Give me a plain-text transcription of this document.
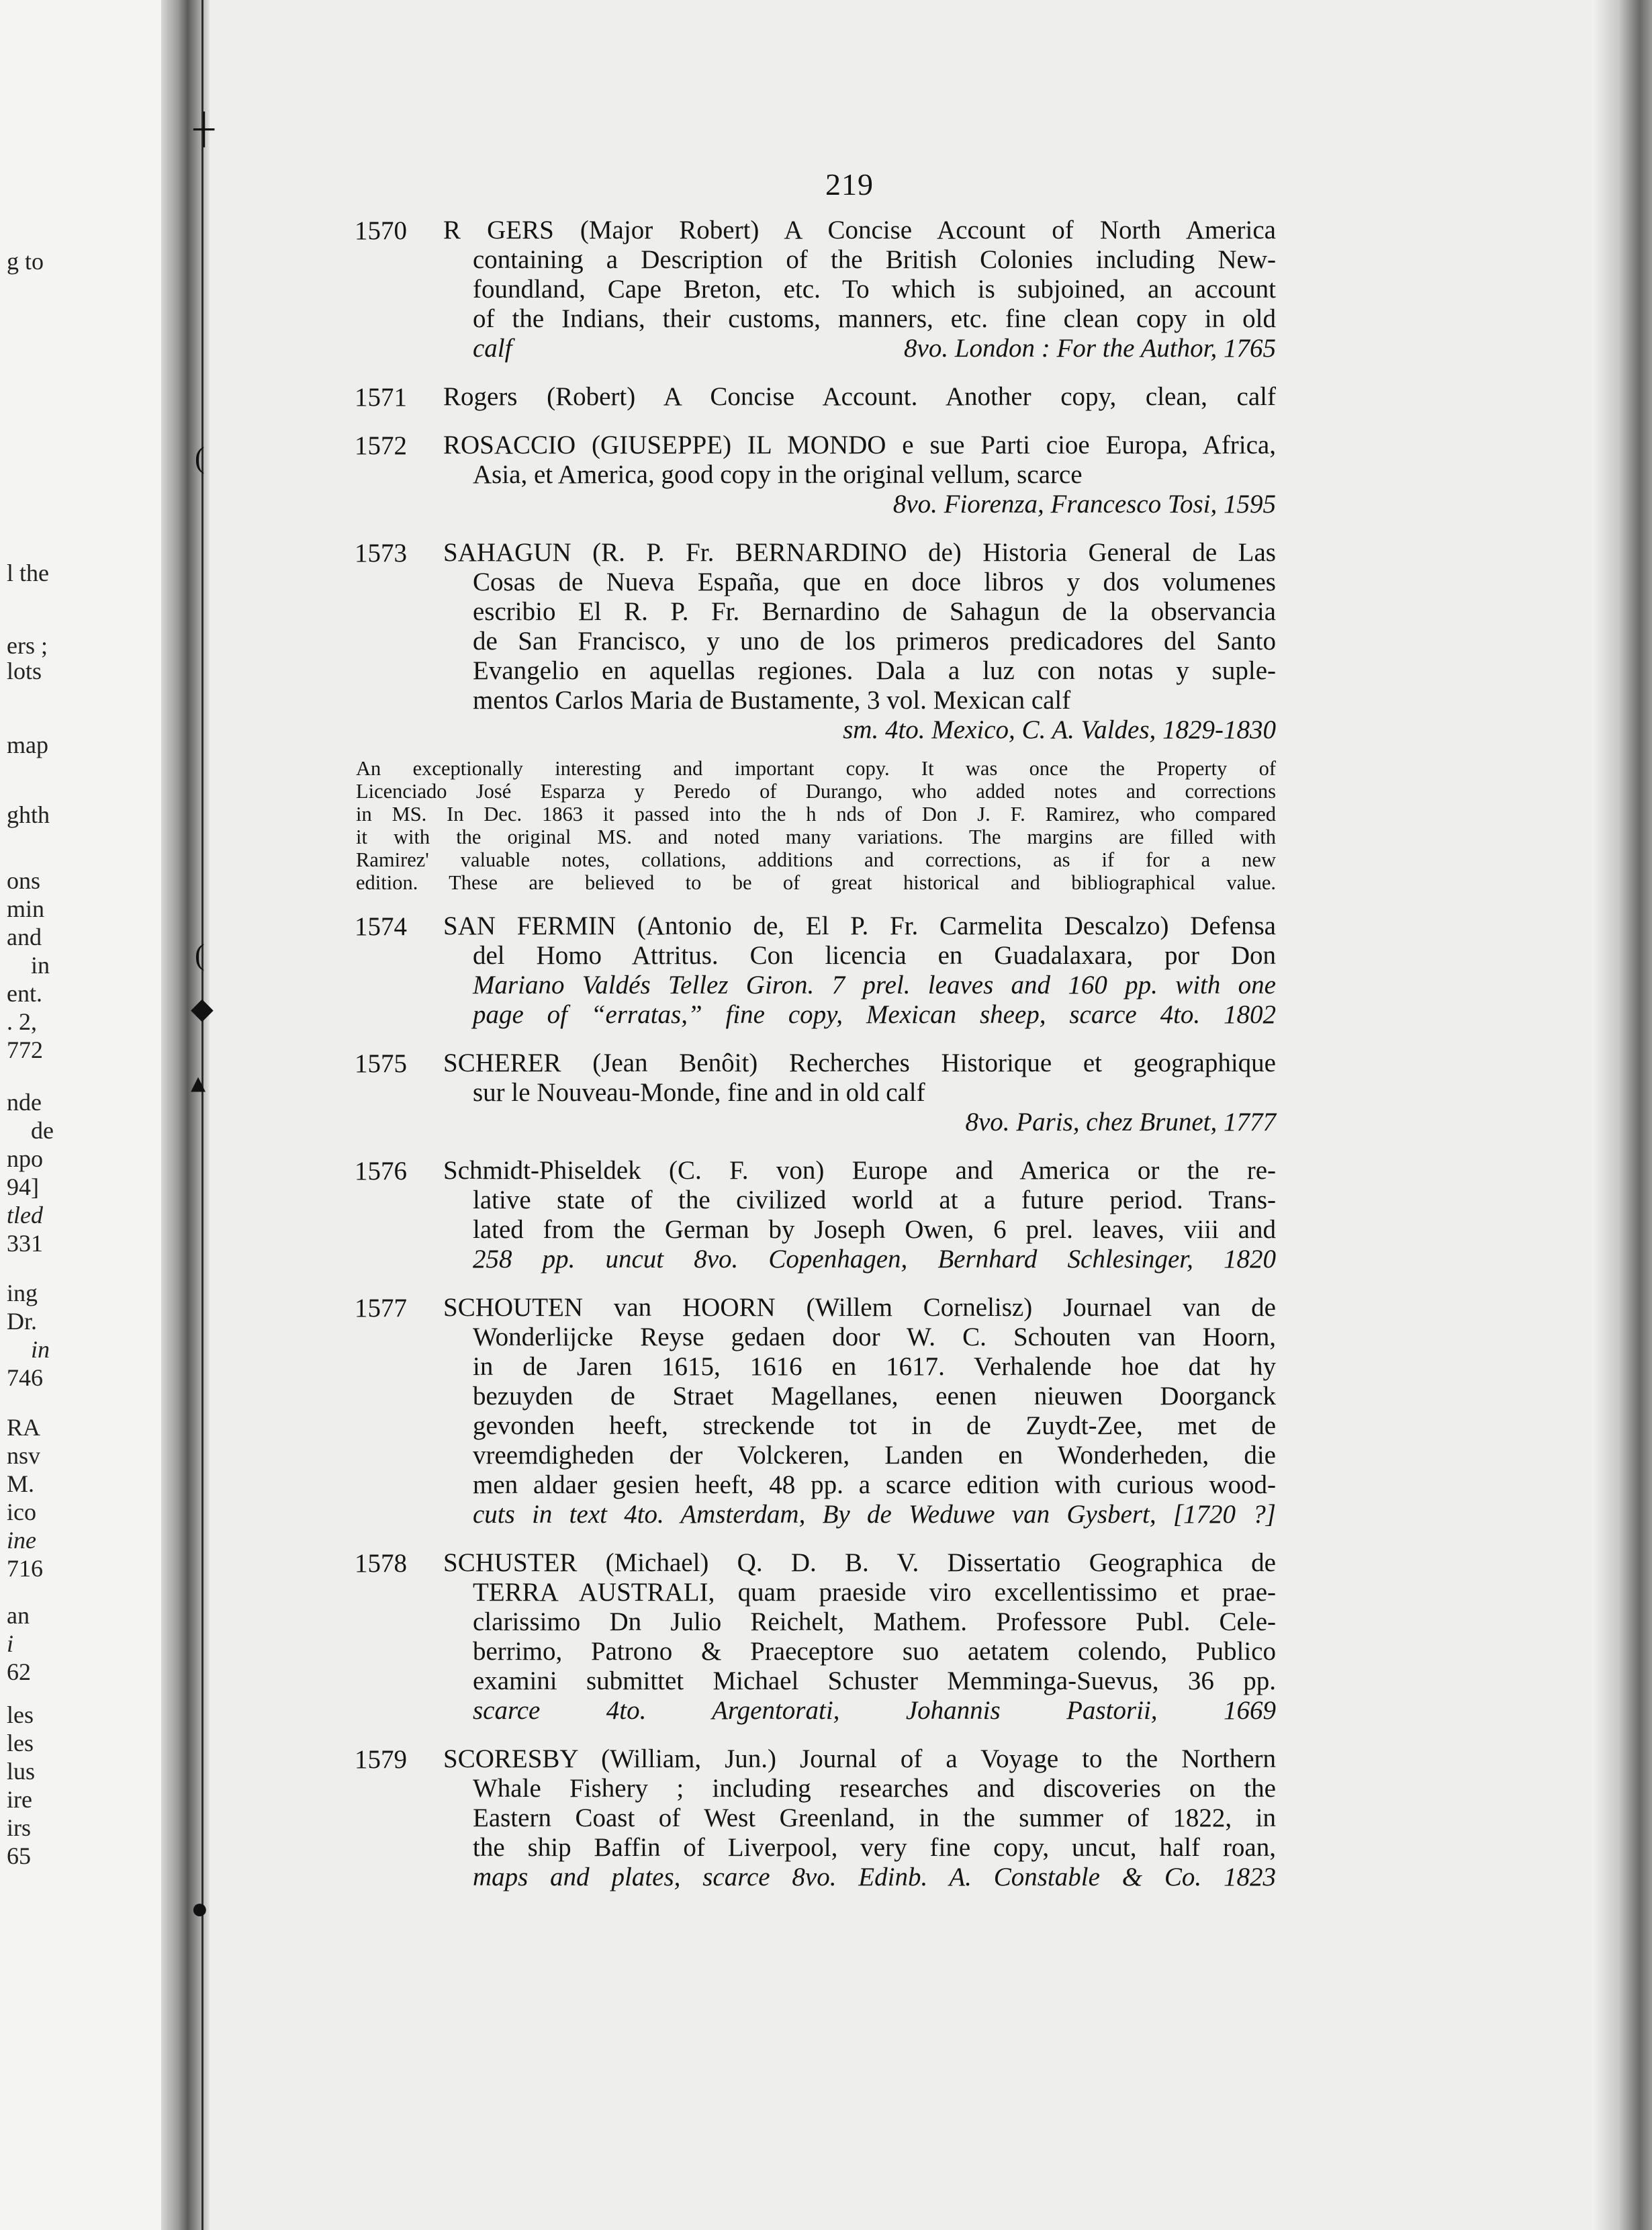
g to
l the
ers ;
lots
map
ghth
ons
min
and
in
ent.
. 2,
772
nde
de
npo
94]
tled
331
ing
Dr.
in
746
RA
nsv
M.
ico
ine
716
an
i
62
les
les
lus
ire
irs
65
┼
(
(
◆
▴
●
219
1570	R GERS (Major Robert) A Concise Account of North America
containing a Description of the British Colonies including New-
foundland, Cape Breton, etc. To which is subjoined, an account
of the Indians, their customs, manners, etc. fine clean copy in old
calf	8vo. London : For the Author, 1765
1571	Rogers (Robert) A Concise Account. Another copy, clean, calf
1572	ROSACCIO (GIUSEPPE) IL MONDO e sue Parti cioe Europa, Africa,
Asia, et America, good copy in the original vellum, scarce
8vo. Fiorenza, Francesco Tosi, 1595
1573	SAHAGUN (R. P. Fr. BERNARDINO de) Historia General de Las
Cosas de Nueva España, que en doce libros y dos volumenes
escribio El R. P. Fr. Bernardino de Sahagun de la observancia
de San Francisco, y uno de los primeros predicadores del Santo
Evangelio en aquellas regiones. Dala a luz con notas y suple-
mentos Carlos Maria de Bustamente, 3 vol. Mexican calf
sm. 4to. Mexico, C. A. Valdes, 1829-1830
An exceptionally interesting and important copy. It was once the Property of
Licenciado José Esparza y Peredo of Durango, who added notes and corrections
in MS. In Dec. 1863 it passed into the h nds of Don J. F. Ramirez, who compared
it with the original MS. and noted many variations. The margins are filled with
Ramirez' valuable notes, collations, additions and corrections, as if for a new
edition. These are believed to be of great historical and bibliographical value.
1574	SAN FERMIN (Antonio de, El P. Fr. Carmelita Descalzo) Defensa
del Homo Attritus. Con licencia en Guadalaxara, por Don
Mariano Valdés Tellez Giron. 7 prel. leaves and 160 pp. with one
page of “erratas,” fine copy, Mexican sheep, scarce 4to. 1802
1575	SCHERER (Jean Benôit) Recherches Historique et geographique
sur le Nouveau-Monde, fine and in old calf
8vo. Paris, chez Brunet, 1777
1576	Schmidt-Phiseldek (C. F. von) Europe and America or the re-
lative state of the civilized world at a future period. Trans-
lated from the German by Joseph Owen, 6 prel. leaves, viii and
258 pp. uncut 8vo. Copenhagen, Bernhard Schlesinger, 1820
1577	SCHOUTEN van HOORN (Willem Cornelisz) Journael van de
Wonderlijcke Reyse gedaen door W. C. Schouten van Hoorn,
in de Jaren 1615, 1616 en 1617. Verhalende hoe dat hy
bezuyden de Straet Magellanes, eenen nieuwen Doorganck
gevonden heeft, streckende tot in de Zuydt-Zee, met de
vreemdigheden der Volckeren, Landen en Wonderheden, die
men aldaer gesien heeft, 48 pp. a scarce edition with curious wood-
cuts in text 4to. Amsterdam, By de Weduwe van Gysbert, [1720 ?]
1578	SCHUSTER (Michael) Q. D. B. V. Dissertatio Geographica de
TERRA AUSTRALI, quam praeside viro excellentissimo et prae-
clarissimo Dn Julio Reichelt, Mathem. Professore Publ. Cele-
berrimo, Patrono & Praeceptore suo aetatem colendo, Publico
examini submittet Michael Schuster Memminga-Suevus, 36 pp.
scarce 4to. Argentorati, Johannis Pastorii, 1669
1579	SCORESBY (William, Jun.) Journal of a Voyage to the Northern
Whale Fishery ; including researches and discoveries on the
Eastern Coast of West Greenland, in the summer of 1822, in
the ship Baffin of Liverpool, very fine copy, uncut, half roan,
maps and plates, scarce 8vo. Edinb. A. Constable & Co. 1823
